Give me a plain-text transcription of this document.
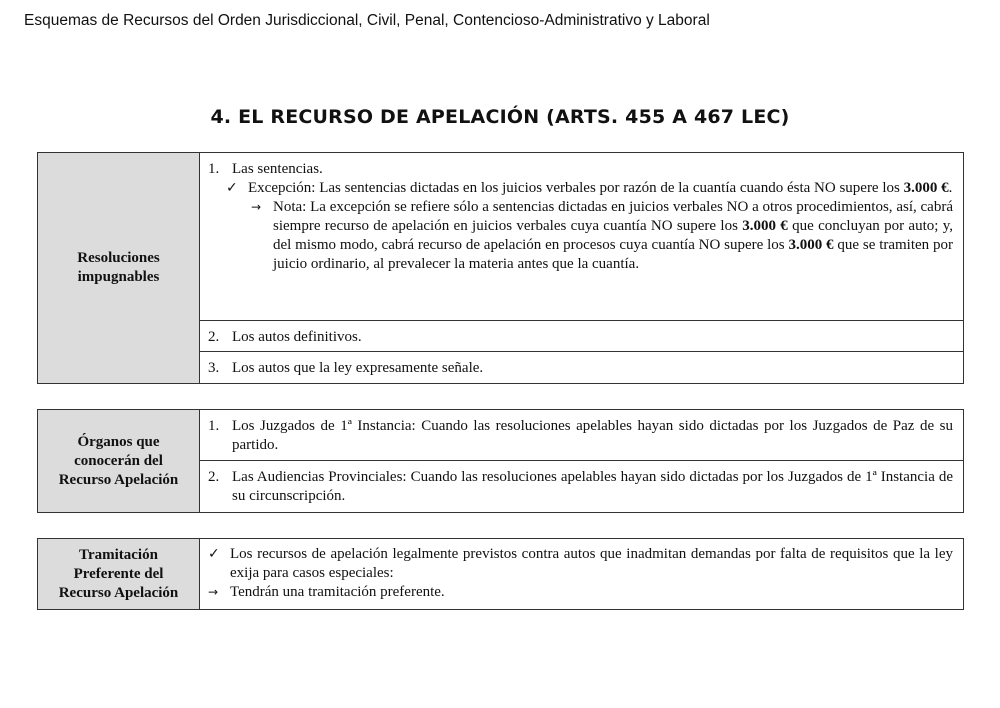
Esquemas de Recursos del Orden Jurisdiccional, Civil, Penal, Contencioso-Administrativo y Laboral
4. EL RECURSO DE APELACIÓN (ARTS. 455 A 467 LEC)
Resoluciones
impugnables
1. Las sentencias.
✓ Excepción: Las sentencias dictadas en los juicios verbales por razón de la cuantía cuando ésta NO supere los 3.000 €.
→ Nota: La excepción se refiere sólo a sentencias dictadas en juicios verbales NO a otros procedimientos, así, cabrá siempre recurso de apelación en juicios verbales cuya cuantía NO supere los 3.000 € que concluyan por auto; y, del mismo modo, cabrá recurso de apelación en procesos cuya cuantía NO supere los 3.000 € que se tramiten por juicio ordinario, al prevalecer la materia antes que la cuantía.
2. Los autos definitivos.
3. Los autos que la ley expresamente señale.
Órganos que
conocerán del
Recurso Apelación
1. Los Juzgados de 1ª Instancia: Cuando las resoluciones apelables hayan sido dictadas por los Juzgados de Paz de su partido.
2. Las Audiencias Provinciales: Cuando las resoluciones apelables hayan sido dictadas por los Juzgados de 1ª Instancia de su circunscripción.
Tramitación
Preferente del
Recurso Apelación
✓ Los recursos de apelación legalmente previstos contra autos que inadmitan demandas por falta de requisitos que la ley exija para casos especiales:
→ Tendrán una tramitación preferente.
